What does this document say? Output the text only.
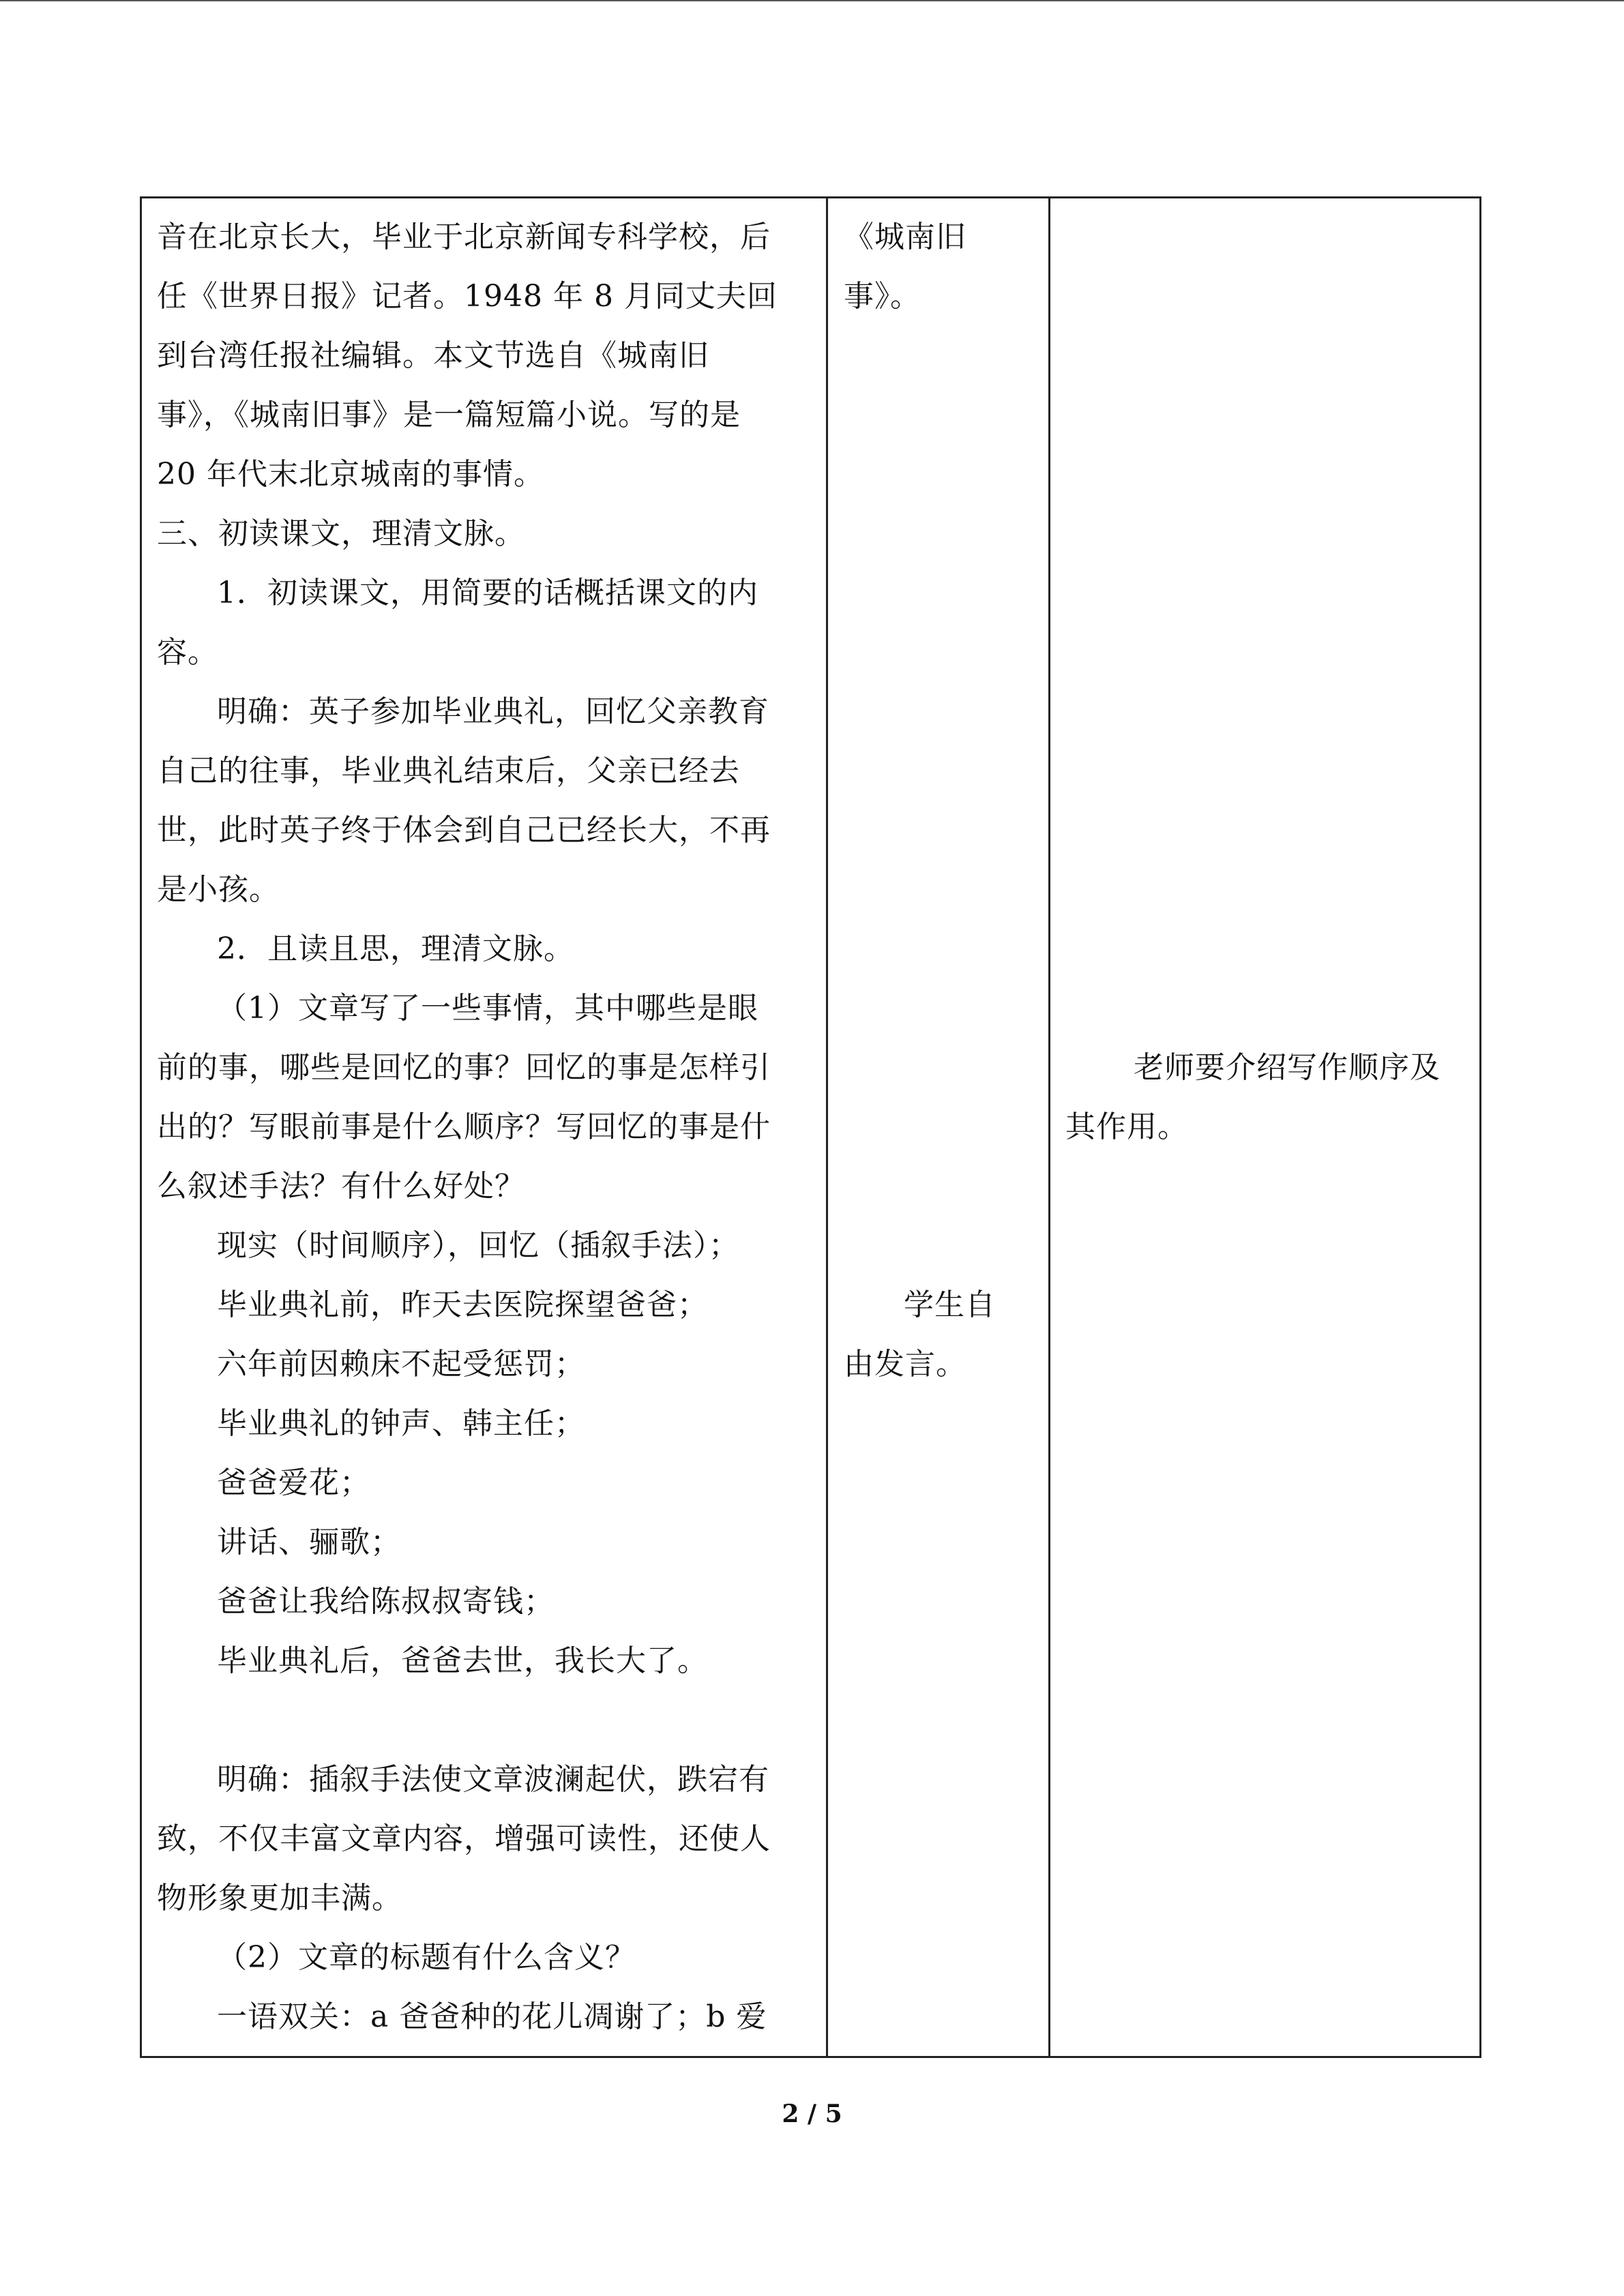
音在北京长大，毕业于北京新闻专科学校，后
任《世界日报》记者。1948 年 8 月同丈夫回
到台湾任报社编辑。本文节选自《城南旧
事》，《城南旧事》是一篇短篇小说。写的是
20 年代末北京城南的事情。
三、初读课文，理清文脉。
1．初读课文，用简要的话概括课文的内
容。
明确：英子参加毕业典礼，回忆父亲教育
自己的往事，毕业典礼结束后，父亲已经去
世，此时英子终于体会到自己已经长大，不再
是小孩。
2．且读且思，理清文脉。
（1）文章写了一些事情，其中哪些是眼
前的事，哪些是回忆的事？回忆的事是怎样引
出的？写眼前事是什么顺序？写回忆的事是什
么叙述手法？有什么好处？
现实（时间顺序），回忆（插叙手法）；
毕业典礼前，昨天去医院探望爸爸；
六年前因赖床不起受惩罚；
毕业典礼的钟声、韩主任；
爸爸爱花；
讲话、骊歌；
爸爸让我给陈叔叔寄钱；
毕业典礼后，爸爸去世，我长大了。
明确：插叙手法使文章波澜起伏，跌宕有
致，不仅丰富文章内容，增强可读性，还使人
物形象更加丰满。
（2）文章的标题有什么含义？
一语双关：a 爸爸种的花儿凋谢了；b 爱
《城南旧
事》。
学生自
由发言。
老师要介绍写作顺序及
其作用。
2 / 5
